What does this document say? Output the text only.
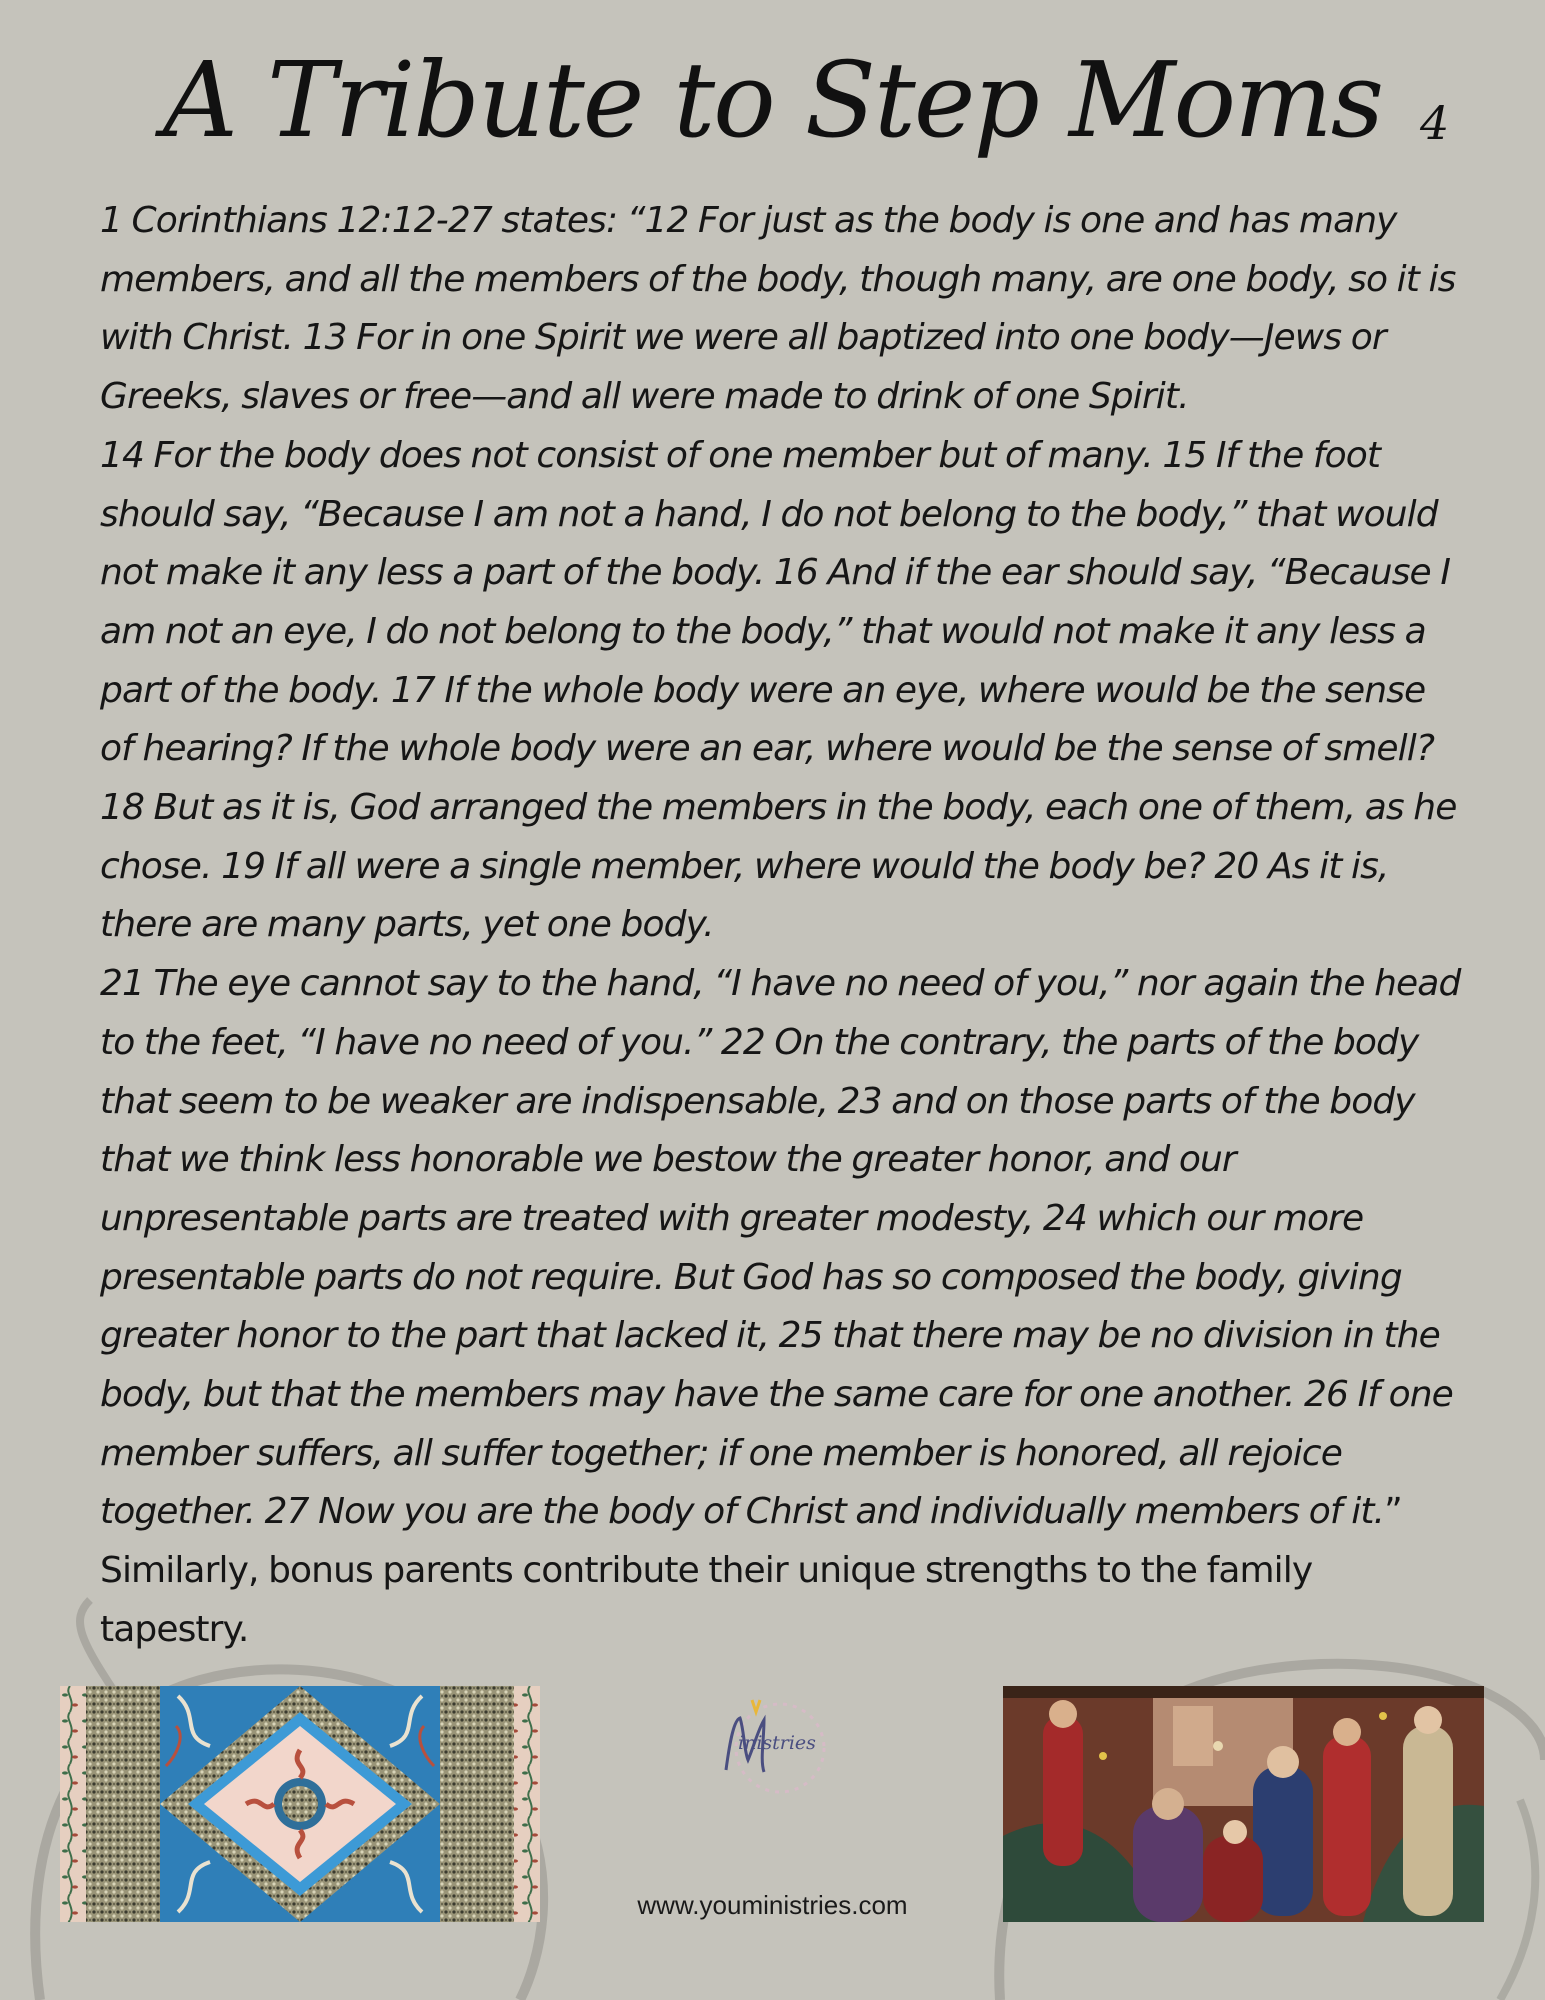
A Tribute to Step Moms 4

1 Corinthians 12:12-27 states: “12 For just as the body is one and has many members, and all the members of the body, though many, are one body, so it is with Christ. 13 For in one Spirit we were all baptized into one body—Jews or Greeks, slaves or free—and all were made to drink of one Spirit.

14 For the body does not consist of one member but of many. 15 If the foot should say, “Because I am not a hand, I do not belong to the body,” that would not make it any less a part of the body. 16 And if the ear should say, “Because I am not an eye, I do not belong to the body,” that would not make it any less a part of the body. 17 If the whole body were an eye, where would be the sense of hearing? If the whole body were an ear, where would be the sense of smell? 18 But as it is, God arranged the members in the body, each one of them, as he chose. 19 If all were a single member, where would the body be? 20 As it is, there are many parts, yet one body.

21 The eye cannot say to the hand, “I have no need of you,” nor again the head to the feet, “I have no need of you.” 22 On the contrary, the parts of the body that seem to be weaker are indispensable, 23 and on those parts of the body that we think less honorable we bestow the greater honor, and our unpresentable parts are treated with greater modesty, 24 which our more presentable parts do not require. But God has so composed the body, giving greater honor to the part that lacked it, 25 that there may be no division in the body, but that the members may have the same care for one another. 26 If one member suffers, all suffer together; if one member is honored, all rejoice together. 27 Now you are the body of Christ and individually members of it.” Similarly, bonus parents contribute their unique strengths to the family tapestry.

inistries
www.youministries.com
